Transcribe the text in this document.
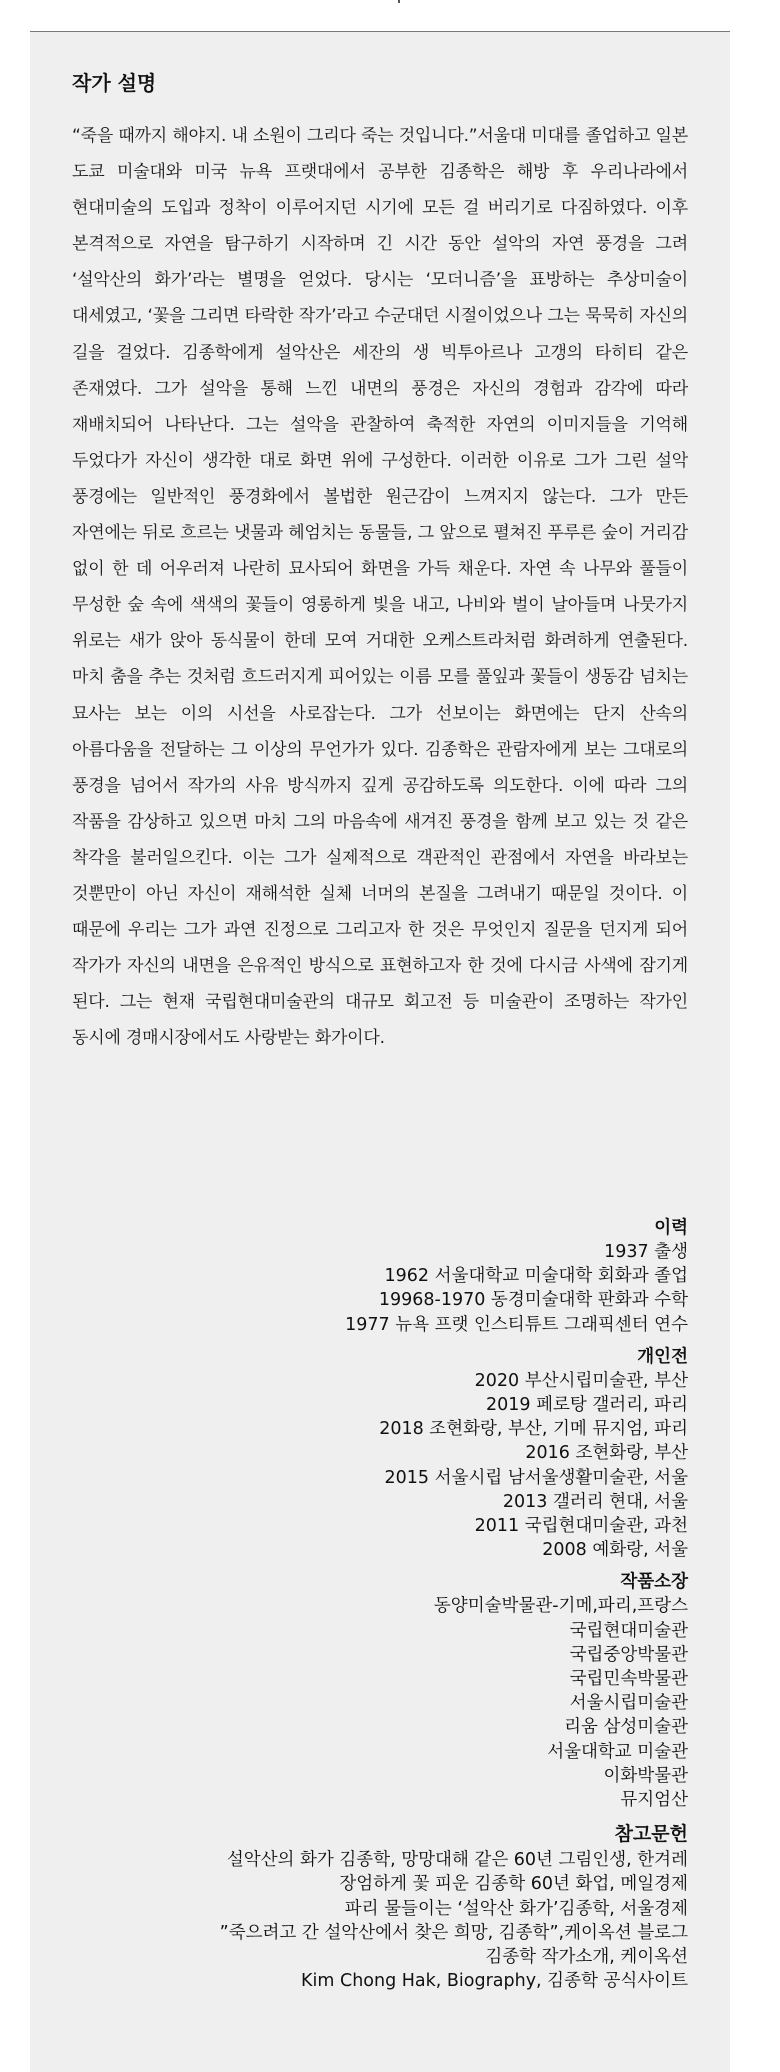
작가 설명

“죽을 때까지 해야지. 내 소원이 그리다 죽는 것입니다.”서울대 미대를 졸업하고 일본 도쿄 미술대와 미국 뉴욕 프랫대에서 공부한 김종학은 해방 후 우리나라에서 현대미술의 도입과 정착이 이루어지던 시기에 모든 걸 버리기로 다짐하였다. 이후 본격적으로 자연을 탐구하기 시작하며 긴 시간 동안 설악의 자연 풍경을 그려 ‘설악산의 화가’라는 별명을 얻었다. 당시는 ‘모더니즘’을 표방하는 추상미술이 대세였고, ‘꽃을 그리면 타락한 작가’라고 수군대던 시절이었으나 그는 묵묵히 자신의 길을 걸었다. 김종학에게 설악산은 세잔의 생 빅투아르나 고갱의 타히티 같은 존재였다. 그가 설악을 통해 느낀 내면의 풍경은 자신의 경험과 감각에 따라 재배치되어 나타난다. 그는 설악을 관찰하여 축적한 자연의 이미지들을 기억해 두었다가 자신이 생각한 대로 화면 위에 구성한다. 이러한 이유로 그가 그린 설악 풍경에는 일반적인 풍경화에서 볼법한 원근감이 느껴지지 않는다. 그가 만든 자연에는 뒤로 흐르는 냇물과 헤엄치는 동물들, 그 앞으로 펼쳐진 푸루른 숲이 거리감 없이 한 데 어우러져 나란히 묘사되어 화면을 가득 채운다. 자연 속 나무와 풀들이 무성한 숲 속에 색색의 꽃들이 영롱하게 빛을 내고, 나비와 벌이 날아들며 나뭇가지 위로는 새가 앉아 동식물이 한데 모여 거대한 오케스트라처럼 화려하게 연출된다. 마치 춤을 추는 것처럼 흐드러지게 피어있는 이름 모를 풀잎과 꽃들이 생동감 넘치는 묘사는 보는 이의 시선을 사로잡는다. 그가 선보이는 화면에는 단지 산속의 아름다움을 전달하는 그 이상의 무언가가 있다. 김종학은 관람자에게 보는 그대로의 풍경을 넘어서 작가의 사유 방식까지 깊게 공감하도록 의도한다. 이에 따라 그의 작품을 감상하고 있으면 마치 그의 마음속에 새겨진 풍경을 함께 보고 있는 것 같은 착각을 불러일으킨다. 이는 그가 실제적으로 객관적인 관점에서 자연을 바라보는 것뿐만이 아닌 자신이 재해석한 실체 너머의 본질을 그려내기 때문일 것이다. 이 때문에 우리는 그가 과연 진정으로 그리고자 한 것은 무엇인지 질문을 던지게 되어 작가가 자신의 내면을 은유적인 방식으로 표현하고자 한 것에 다시금 사색에 잠기게 된다. 그는 현재 국립현대미술관의 대규모 회고전 등 미술관이 조명하는 작가인 동시에 경매시장에서도 사랑받는 화가이다.

이력
1937 출생
1962 서울대학교 미술대학 회화과 졸업
19968-1970 동경미술대학 판화과 수학
1977 뉴욕 프랫 인스티튜트 그래픽센터 연수
개인전
2020 부산시립미술관, 부산
2019 페로탕 갤러리, 파리
2018 조현화랑, 부산, 기메 뮤지엄, 파리
2016 조현화랑, 부산
2015 서울시립 남서울생활미술관, 서울
2013 갤러리 현대, 서울
2011 국립현대미술관, 과천
2008 예화랑, 서울
작품소장
동양미술박물관-기메,파리,프랑스
국립현대미술관
국립중앙박물관
국립민속박물관
서울시립미술관
리움 삼성미술관
서울대학교 미술관
이화박물관
뮤지엄산
참고문헌
설악산의 화가 김종학, 망망대해 같은 60년 그림인생, 한겨레
장엄하게 꽃 피운 김종학 60년 화업, 메일경제
파리 물들이는 ‘설악산 화가’김종학, 서울경제
”죽으려고 간 설악산에서 찾은 희망, 김종학”,케이옥션 블로그
김종학 작가소개, 케이옥션
Kim Chong Hak, Biography, 김종학 공식사이트
